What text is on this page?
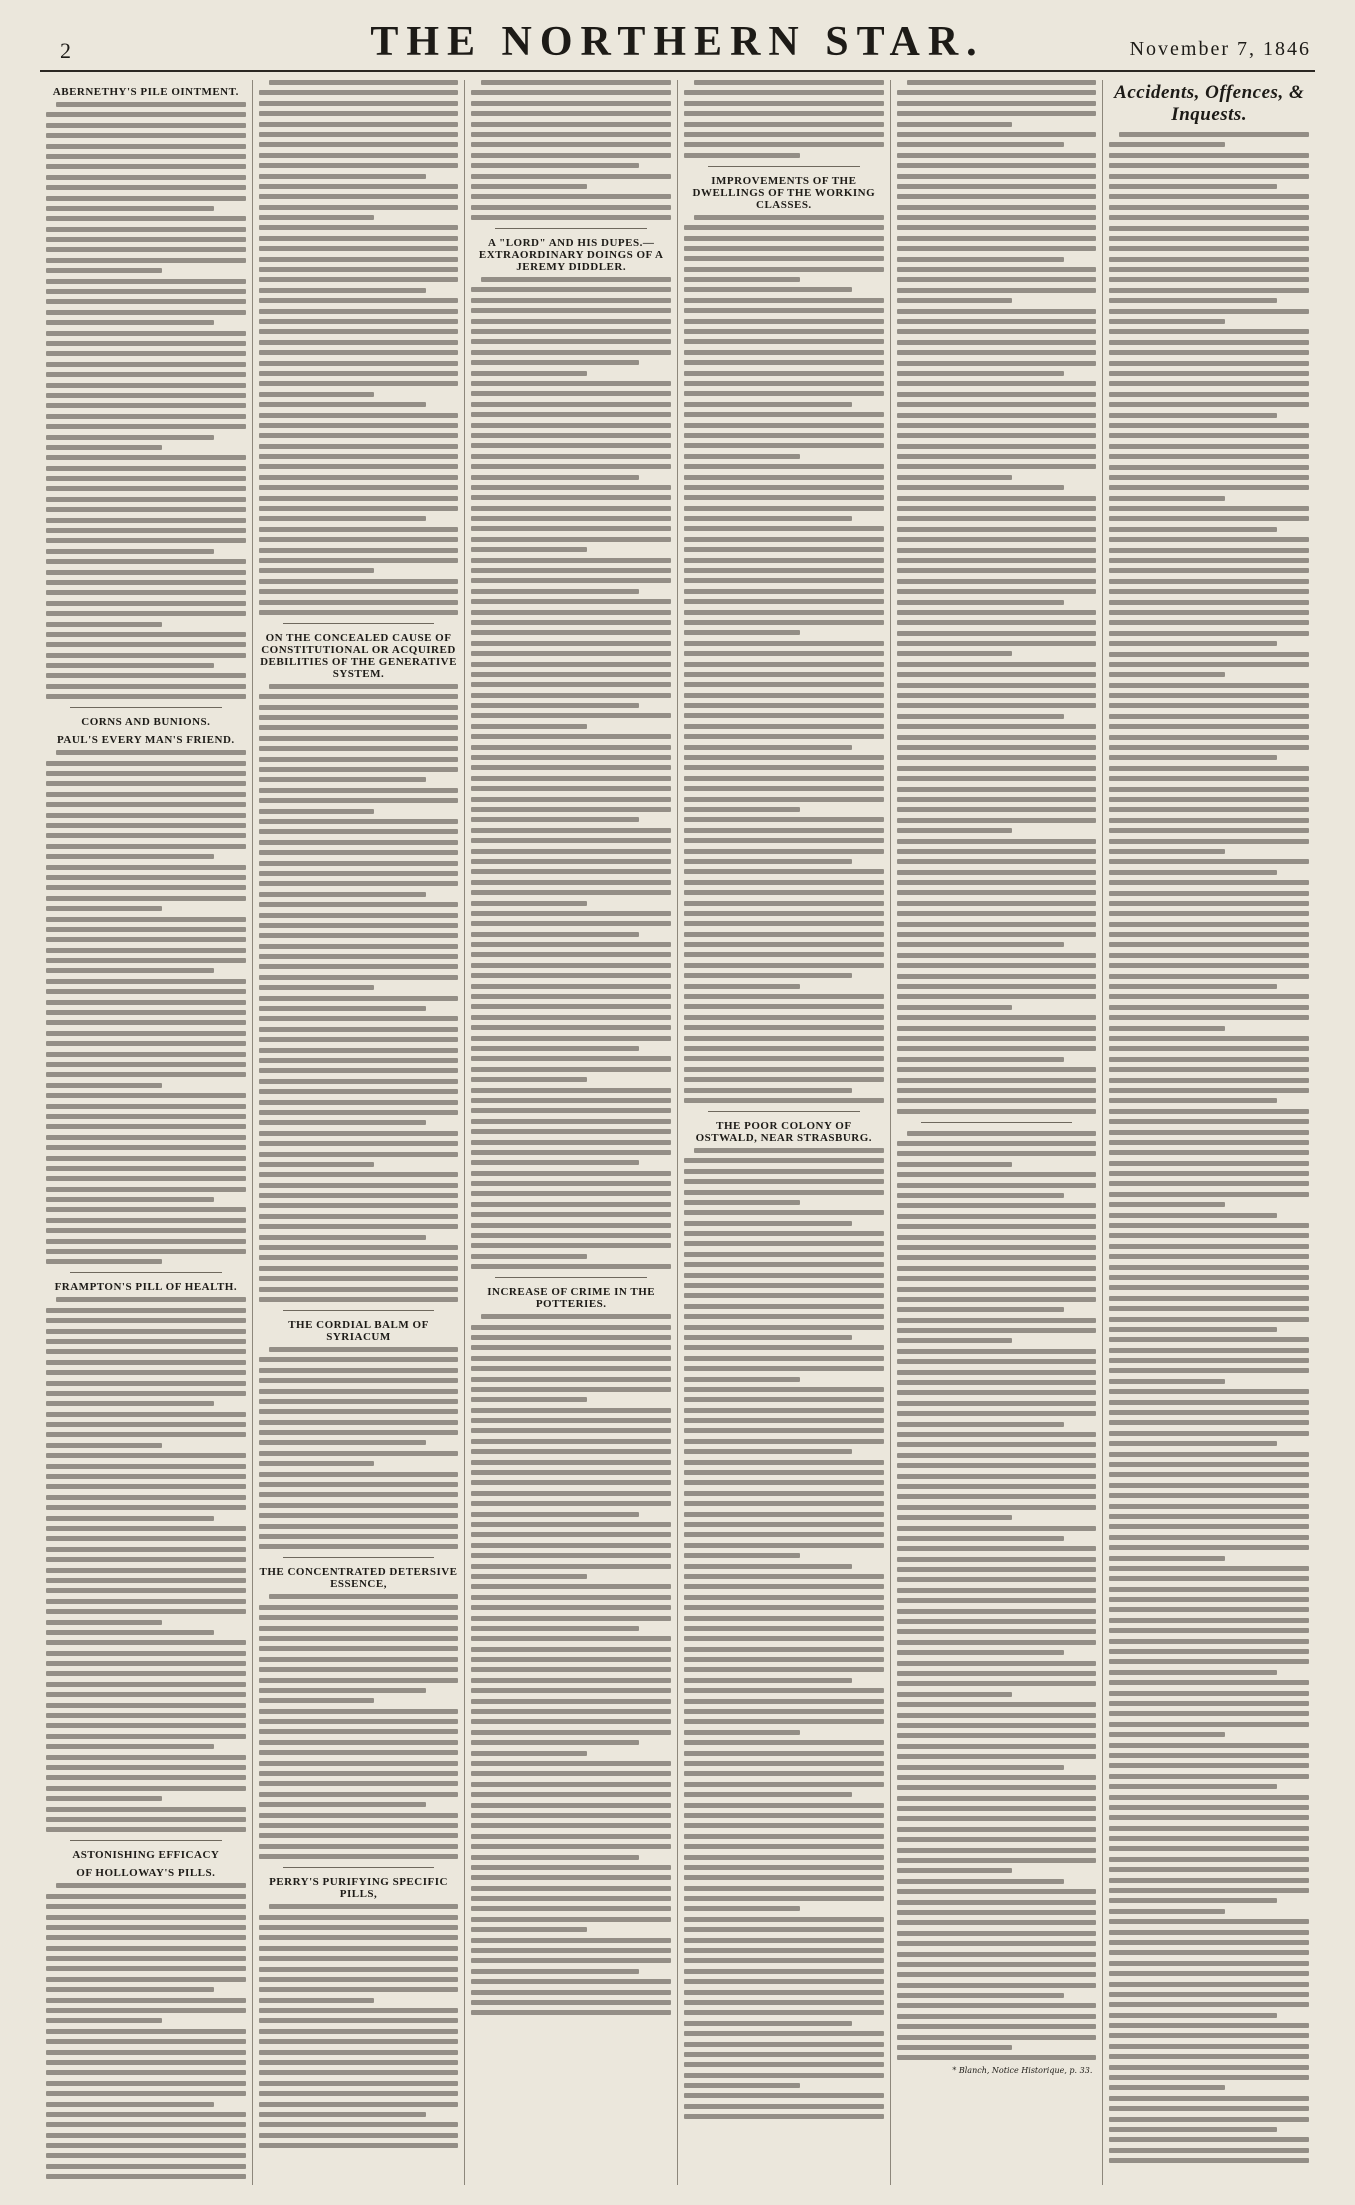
2	THE NORTHERN STAR.	November 7, 1846
ABERNETHY'S PILE OINTMENT.
CORNS AND BUNIONS.
PAUL'S EVERY MAN'S FRIEND.
FRAMPTON'S PILL OF HEALTH.
ASTONISHING EFFICACY
OF HOLLOWAY'S PILLS.
ON THE CONCEALED CAUSE OF CONSTITUTIONAL OR ACQUIRED DEBILITIES OF THE GENERATIVE SYSTEM.
THE CORDIAL BALM OF SYRIACUM
THE CONCENTRATED DETERSIVE ESSENCE,
PERRY'S PURIFYING SPECIFIC PILLS,
A "LORD" AND HIS DUPES.—EXTRAORDINARY DOINGS OF A JEREMY DIDDLER.
INCREASE OF CRIME IN THE POTTERIES.
IMPROVEMENTS OF THE DWELLINGS OF THE WORKING CLASSES.
THE POOR COLONY OF OSTWALD, NEAR STRASBURG.
* Blanch, Notice Historique, p. 33.
Accidents, Offences, & Inquests.
